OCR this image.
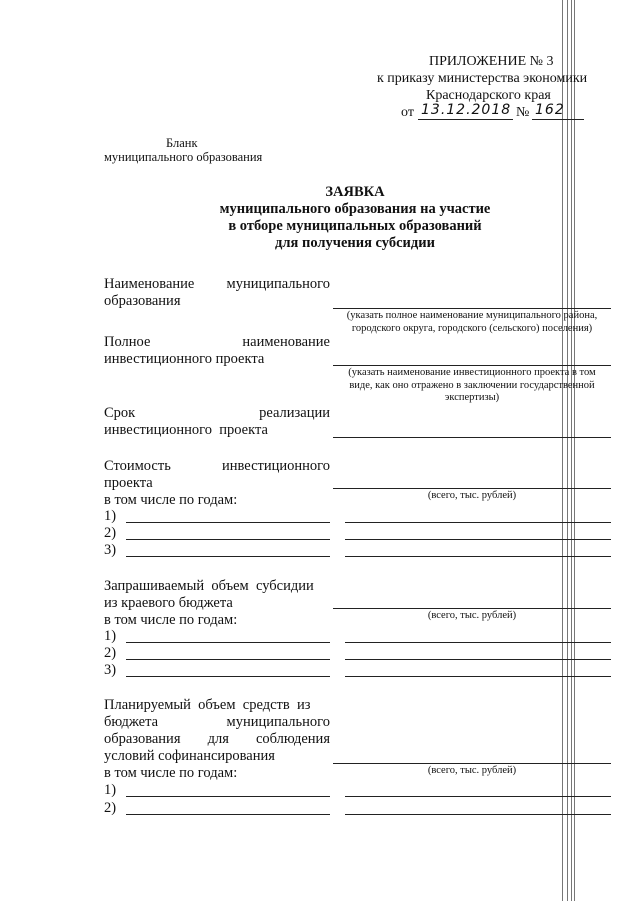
ПРИЛОЖЕНИЕ № 3
к приказу министерства экономики
Краснодарского края
от 13.12.2018 № 162
Бланк
муниципального образования
ЗАЯВКА
муниципального образования на участие
в отборе муниципальных образований
для получения субсидии
Наименование муниципального
образования
(указать полное наименование муниципального района,
городского округа, городского (сельского) поселения)
Полное	наименование
инвестиционного проекта
(указать наименование инвестиционного проекта в том
виде, как оно отражено в заключении государственной
экспертизы)
Срок	реализации
инвестиционного  проекта
Стоимость	инвестиционного
проекта
в том числе по годам:	(всего, тыс. рублей)
1)
2)
3)
Запрашиваемый  объем  субсидии
из краевого бюджета
в том числе по годам:	(всего, тыс. рублей)
1)
2)
3)
Планируемый  объем  средств  из
бюджета	муниципального
образования для соблюдения
условий софинансирования
в том числе по годам:	(всего, тыс. рублей)
1)
2)
